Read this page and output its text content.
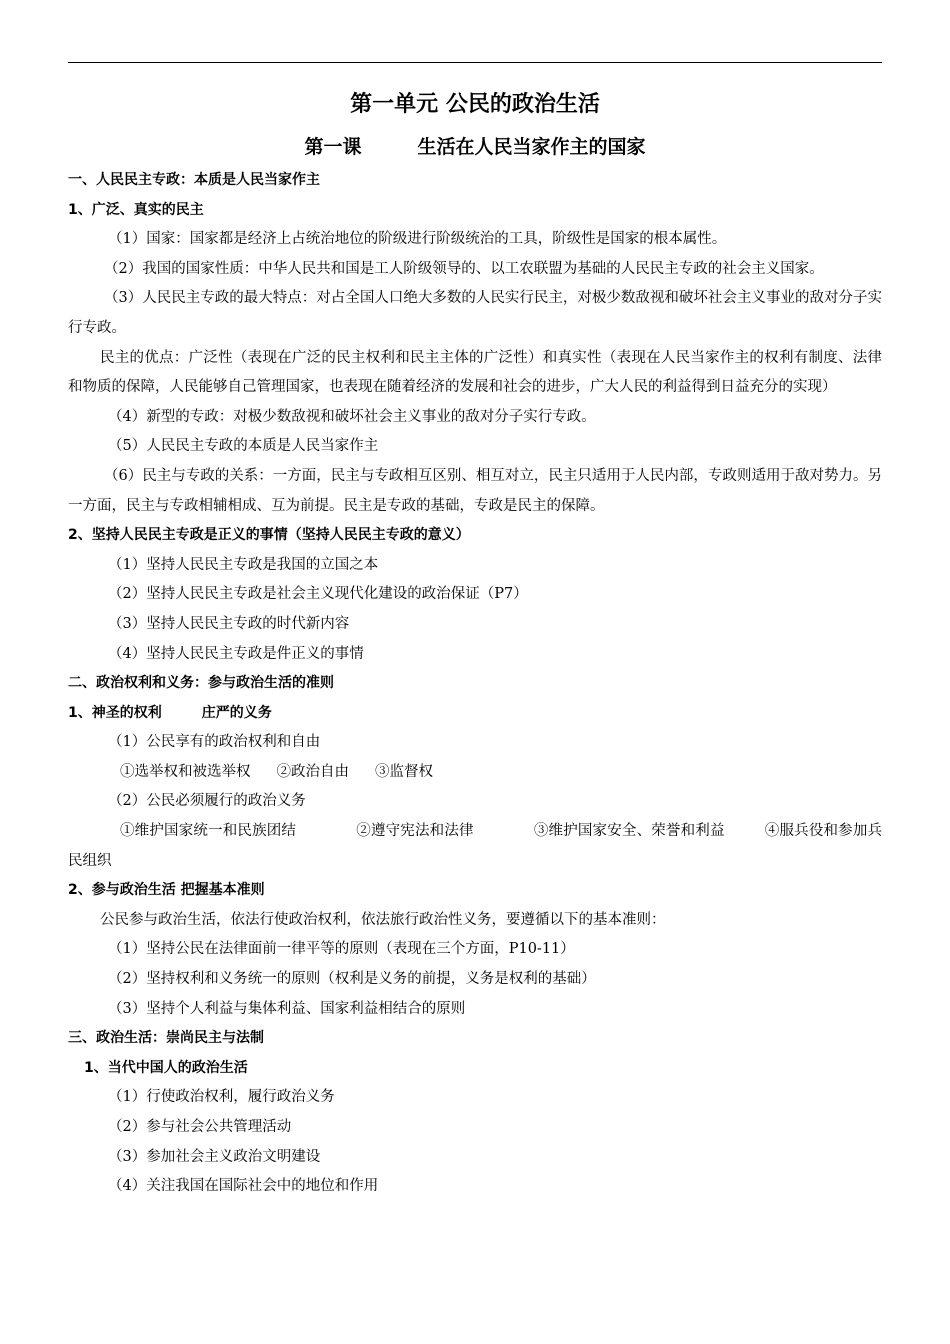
第一单元 公民的政治生活
第一课	生活在人民当家作主的国家

一、人民民主专政：本质是人民当家作主

1、广泛、真实的民主

（1）国家：国家都是经济上占统治地位的阶级进行阶级统治的工具，阶级性是国家的根本属性。

（2）我国的国家性质：中华人民共和国是工人阶级领导的、以工农联盟为基础的人民民主专政的社会主义国家。

（3）人民民主专政的最大特点：对占全国人口绝大多数的人民实行民主，对极少数敌视和破坏社会主义事业的敌对分子实行专政。

民主的优点：广泛性（表现在广泛的民主权利和民主主体的广泛性）和真实性（表现在人民当家作主的权利有制度、法律和物质的保障，人民能够自己管理国家，也表现在随着经济的发展和社会的进步，广大人民的利益得到日益充分的实现）

（4）新型的专政：对极少数敌视和破坏社会主义事业的敌对分子实行专政。

（5）人民民主专政的本质是人民当家作主

（6）民主与专政的关系：一方面，民主与专政相互区别、相互对立，民主只适用于人民内部，专政则适用于敌对势力。另一方面，民主与专政相辅相成、互为前提。民主是专政的基础，专政是民主的保障。

2、坚持人民民主专政是正义的事情（坚持人民民主专政的意义）

（1）坚持人民民主专政是我国的立国之本

（2）坚持人民民主专政是社会主义现代化建设的政治保证（P7）

（3）坚持人民民主专政的时代新内容

（4）坚持人民民主专政是件正义的事情

二、政治权利和义务：参与政治生活的准则

1、神圣的权利	庄严的义务

（1）公民享有的政治权利和自由

①选举权和被选举权 ②政治自由 ③监督权

（2）公民必须履行的政治义务

①维护国家统一和民族团结	②遵守宪法和法律	③维护国家安全、荣誉和利益	④服兵役和参加兵民组织

2、参与政治生活 把握基本准则

公民参与政治生活，依法行使政治权利，依法旅行政治性义务，要遵循以下的基本准则：

（1）坚持公民在法律面前一律平等的原则（表现在三个方面，P10-11）

（2）坚持权利和义务统一的原则（权利是义务的前提，义务是权利的基础）

（3）坚持个人利益与集体利益、国家利益相结合的原则

三、政治生活：崇尚民主与法制

1、当代中国人的政治生活

（1）行使政治权利，履行政治义务

（2）参与社会公共管理活动

（3）参加社会主义政治文明建设

（4）关注我国在国际社会中的地位和作用
